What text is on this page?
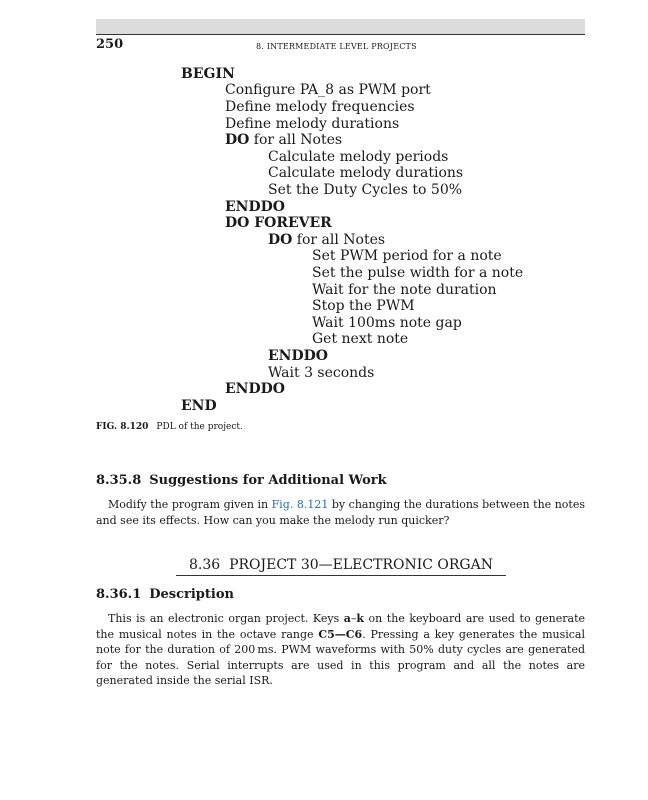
250	8. INTERMEDIATE LEVEL PROJECTS
BEGIN
Configure PA_8 as PWM port
Define melody frequencies
Define melody durations
DO for all Notes
Calculate melody periods
Calculate melody durations
Set the Duty Cycles to 50%
ENDDO
DO FOREVER
DO for all Notes
Set PWM period for a note
Set the pulse width for a note
Wait for the note duration
Stop the PWM
Wait 100ms note gap
Get next note
ENDDO
Wait 3 seconds
ENDDO
END
FIG. 8.120 PDL of the project.
8.35.8 Suggestions for Additional Work

Modify the program given in Fig. 8.121 by changing the durations between the notes and see its effects. How can you make the melody run quicker?

8.36 PROJECT 30—ELECTRONIC ORGAN
8.36.1 Description

This is an electronic organ project. Keys a–k on the keyboard are used to generate the musical notes in the octave range C5—C6. Pressing a key generates the musical note for the duration of 200 ms. PWM waveforms with 50% duty cycles are generated for the notes. Serial interrupts are used in this program and all the notes are generated inside the serial ISR.
